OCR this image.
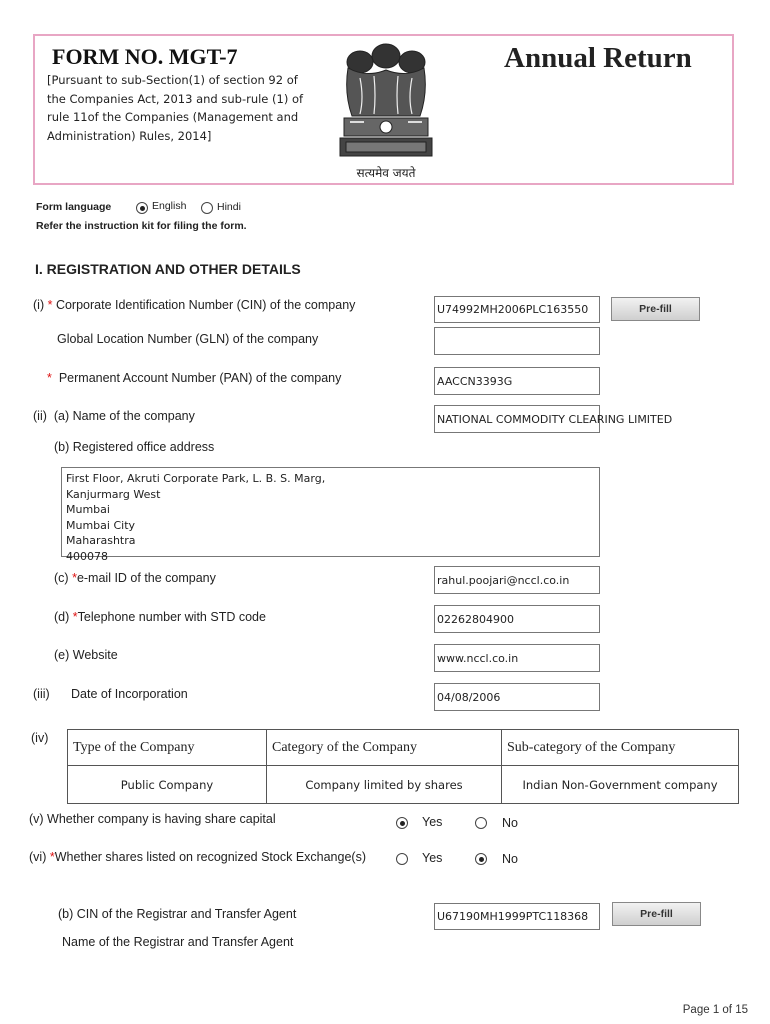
FORM NO. MGT-7
[Pursuant to sub-Section(1) of section 92 of the Companies Act, 2013 and sub-rule (1) of rule 11of the Companies (Management and Administration) Rules, 2014]
सत्यमेव जयते
Annual Return
Form language	English	Hindi
Refer the instruction kit for filing the form.
I. REGISTRATION AND OTHER DETAILS
(i) * Corporate Identification Number (CIN) of the company	U74992MH2006PLC163550	Pre-fill
Global Location Number (GLN) of the company
* Permanent Account Number (PAN) of the company	AACCN3393G
(ii) (a) Name of the company	NATIONAL COMMODITY CLEARING LIMITED
(b) Registered office address
First Floor, Akruti Corporate Park, L. B. S. Marg,
Kanjurmarg West
Mumbai
Mumbai City
Maharashtra
400078
(c) *e-mail ID of the company	rahul.poojari@nccl.co.in
(d) *Telephone number with STD code	02262804900
(e) Website	www.nccl.co.in
(iii) Date of Incorporation	04/08/2006
(iv)
Type of the Company	Category of the Company	Sub-category of the Company
Public Company	Company limited by shares	Indian Non-Government company
(v) Whether company is having share capital	Yes	No
(vi) *Whether shares listed on recognized Stock Exchange(s)	Yes	No
(b) CIN of the Registrar and Transfer Agent	U67190MH1999PTC118368	Pre-fill
Name of the Registrar and Transfer Agent
Page 1 of 15
